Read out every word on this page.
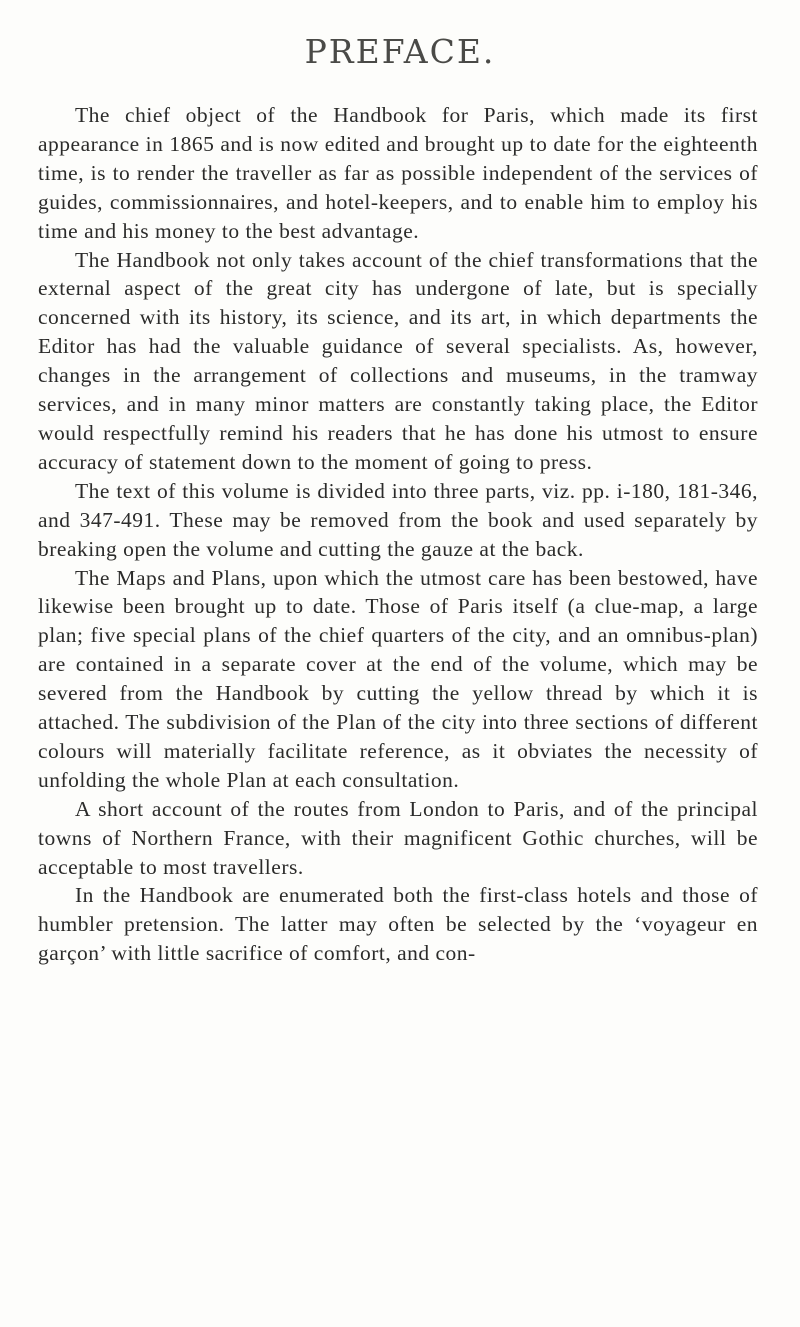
PREFACE.

The chief object of the Handbook for Paris, which made its first appearance in 1865 and is now edited and brought up to date for the eighteenth time, is to render the traveller as far as possible independent of the services of guides, commissionnaires, and hotel-keepers, and to enable him to employ his time and his money to the best advantage.

The Handbook not only takes account of the chief transformations that the external aspect of the great city has undergone of late, but is specially concerned with its history, its science, and its art, in which departments the Editor has had the valuable guidance of several specialists. As, however, changes in the arrangement of collections and museums, in the tramway services, and in many minor matters are constantly taking place, the Editor would respectfully remind his readers that he has done his utmost to ensure accuracy of statement down to the moment of going to press.

The text of this volume is divided into three parts, viz. pp. i-180, 181-346, and 347-491. These may be removed from the book and used separately by breaking open the volume and cutting the gauze at the back.

The Maps and Plans, upon which the utmost care has been bestowed, have likewise been brought up to date. Those of Paris itself (a clue-map, a large plan; five special plans of the chief quarters of the city, and an omnibus-plan) are contained in a separate cover at the end of the volume, which may be severed from the Handbook by cutting the yellow thread by which it is attached. The subdivision of the Plan of the city into three sections of different colours will materially facilitate reference, as it obviates the necessity of unfolding the whole Plan at each consultation.

A short account of the routes from London to Paris, and of the principal towns of Northern France, with their magnificent Gothic churches, will be acceptable to most travellers.

In the Handbook are enumerated both the first-class hotels and those of humbler pretension. The latter may often be selected by the ‘voyageur en garçon’ with little sacrifice of comfort, and con-
